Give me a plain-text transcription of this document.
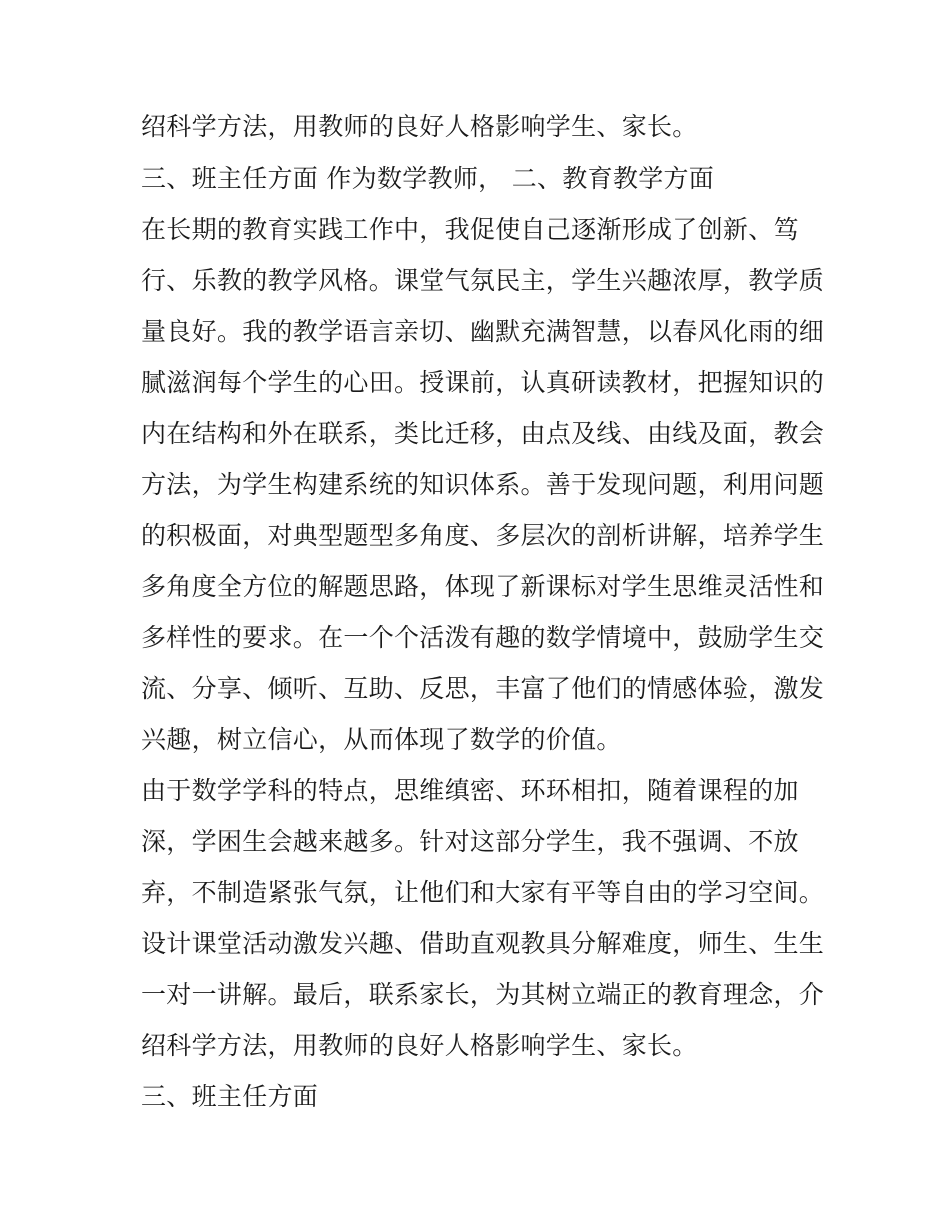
绍科学方法，用教师的良好人格影响学生、家长。
三、班主任方面 作为数学教师， 二、教育教学方面
在长期的教育实践工作中，我促使自己逐渐形成了创新、笃
行、乐教的教学风格。课堂气氛民主，学生兴趣浓厚，教学质
量良好。我的教学语言亲切、幽默充满智慧，以春风化雨的细
腻滋润每个学生的心田。授课前，认真研读教材，把握知识的
内在结构和外在联系，类比迁移，由点及线、由线及面，教会
方法，为学生构建系统的知识体系。善于发现问题，利用问题
的积极面，对典型题型多角度、多层次的剖析讲解，培养学生
多角度全方位的解题思路，体现了新课标对学生思维灵活性和
多样性的要求。在一个个活泼有趣的数学情境中，鼓励学生交
流、分享、倾听、互助、反思，丰富了他们的情感体验，激发
兴趣，树立信心，从而体现了数学的价值。
由于数学学科的特点，思维缜密、环环相扣，随着课程的加
深，学困生会越来越多。针对这部分学生，我不强调、不放
弃，不制造紧张气氛，让他们和大家有平等自由的学习空间。
设计课堂活动激发兴趣、借助直观教具分解难度，师生、生生
一对一讲解。最后，联系家长，为其树立端正的教育理念，介
绍科学方法，用教师的良好人格影响学生、家长。
三、班主任方面
